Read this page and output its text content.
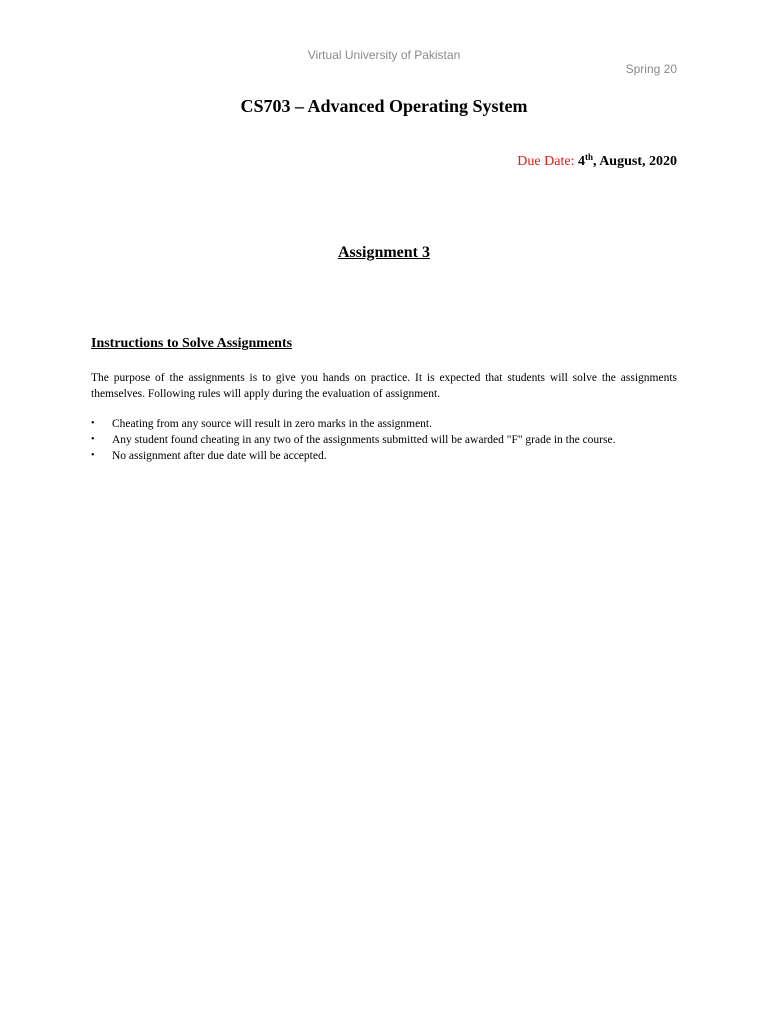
Virtual University of Pakistan
Spring 20
CS703 – Advanced Operating System
Due Date: 4th, August, 2020
Assignment 3
Instructions to Solve Assignments
The purpose of the assignments is to give you hands on practice. It is expected that students will solve the assignments themselves. Following rules will apply during the evaluation of assignment.
• Cheating from any source will result in zero marks in the assignment.
• Any student found cheating in any two of the assignments submitted will be awarded "F" grade in the course.
• No assignment after due date will be accepted.
